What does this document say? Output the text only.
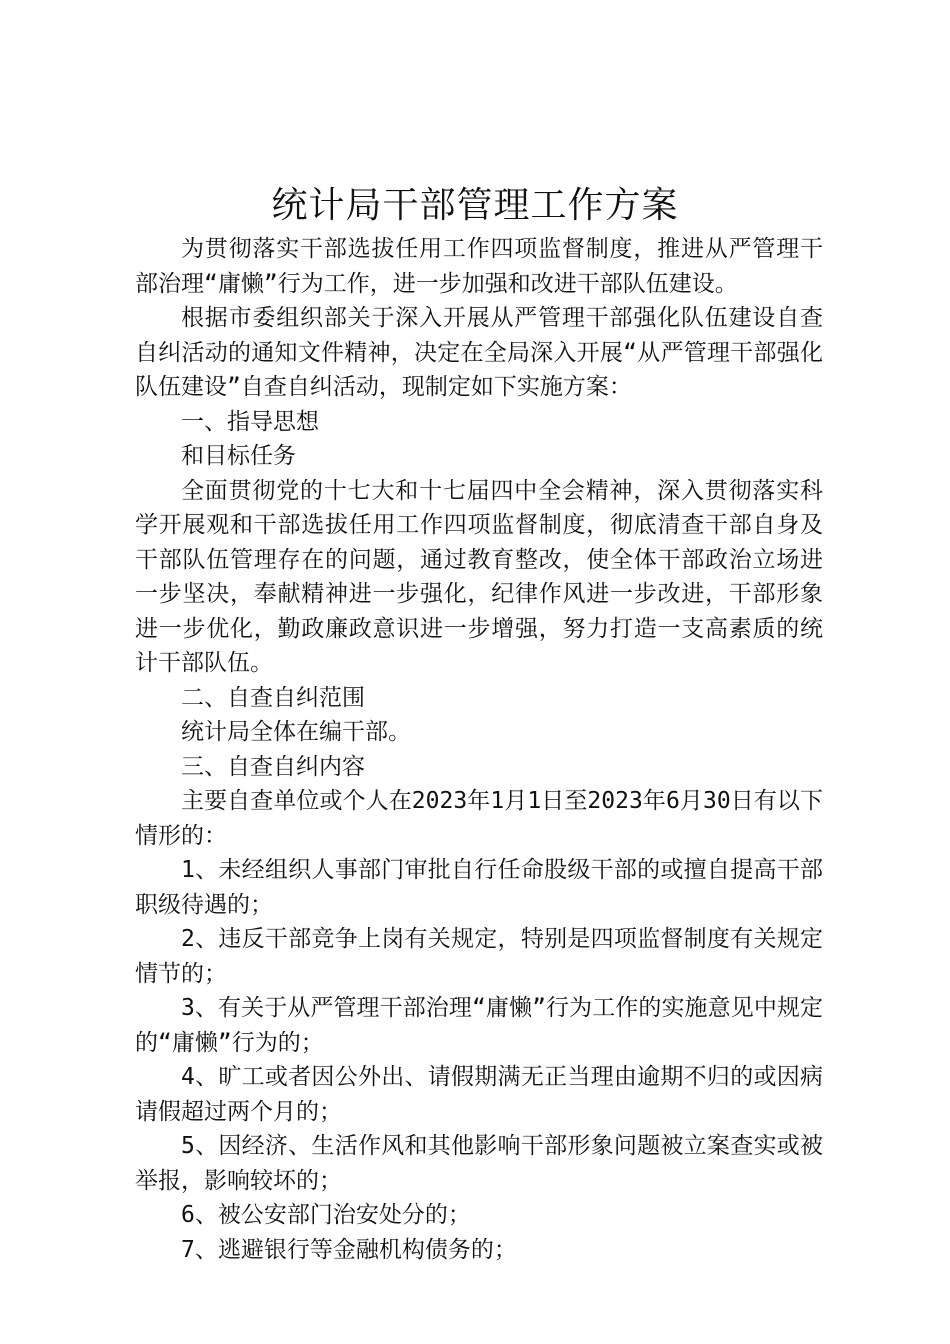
统计局干部管理工作方案

为贯彻落实干部选拔任用工作四项监督制度，推进从严管理干部治理“庸懒”行为工作，进一步加强和改进干部队伍建设。

根据市委组织部关于深入开展从严管理干部强化队伍建设自查自纠活动的通知文件精神，决定在全局深入开展“从严管理干部强化队伍建设”自查自纠活动，现制定如下实施方案：

一、指导思想

和目标任务

全面贯彻党的十七大和十七届四中全会精神，深入贯彻落实科学开展观和干部选拔任用工作四项监督制度，彻底清查干部自身及干部队伍管理存在的问题，通过教育整改，使全体干部政治立场进一步坚决，奉献精神进一步强化，纪律作风进一步改进，干部形象进一步优化，勤政廉政意识进一步增强，努力打造一支高素质的统计干部队伍。

二、自查自纠范围

统计局全体在编干部。

三、自查自纠内容

主要自查单位或个人在2023年1月1日至2023年6月30日有以下情形的：

1、未经组织人事部门审批自行任命股级干部的或擅自提高干部职级待遇的；

2、违反干部竞争上岗有关规定，特别是四项监督制度有关规定情节的；

3、有关于从严管理干部治理“庸懒”行为工作的实施意见中规定的“庸懒”行为的；

4、旷工或者因公外出、请假期满无正当理由逾期不归的或因病请假超过两个月的；

5、因经济、生活作风和其他影响干部形象问题被立案查实或被举报，影响较坏的；

6、被公安部门治安处分的；

7、逃避银行等金融机构债务的；
